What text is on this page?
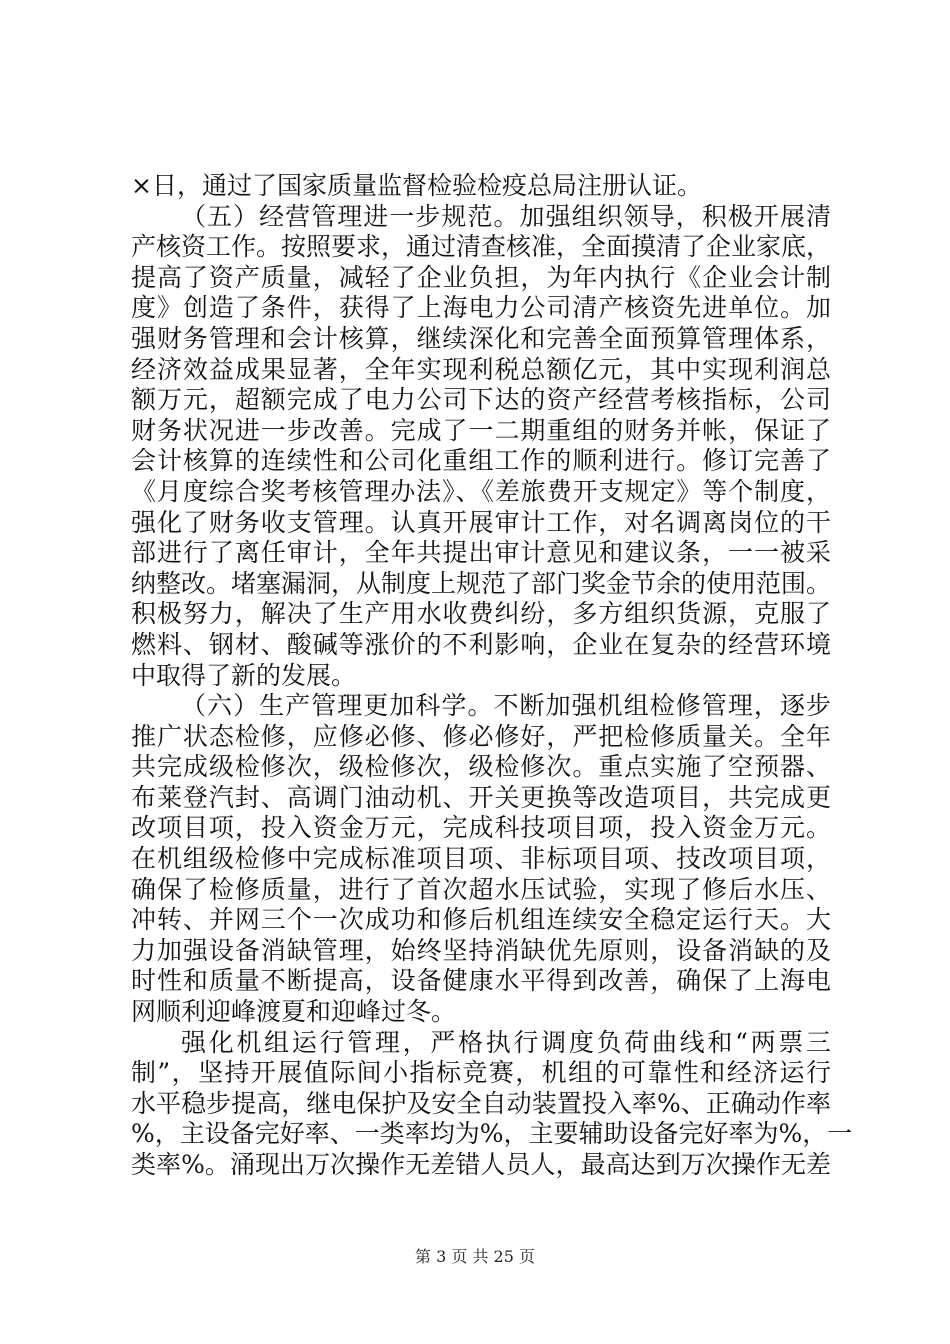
×日，通过了国家质量监督检验检疫总局注册认证。
（五）经营管理进一步规范。加强组织领导，积极开展清
产核资工作。按照要求，通过清查核准，全面摸清了企业家底，
提高了资产质量，减轻了企业负担，为年内执行《企业会计制
度》创造了条件，获得了上海电力公司清产核资先进单位。加
强财务管理和会计核算，继续深化和完善全面预算管理体系，
经济效益成果显著，全年实现利税总额亿元，其中实现利润总
额万元，超额完成了电力公司下达的资产经营考核指标，公司
财务状况进一步改善。完成了一二期重组的财务并帐，保证了
会计核算的连续性和公司化重组工作的顺利进行。修订完善了
《月度综合奖考核管理办法》、《差旅费开支规定》等个制度，
强化了财务收支管理。认真开展审计工作，对名调离岗位的干
部进行了离任审计，全年共提出审计意见和建议条，一一被采
纳整改。堵塞漏洞，从制度上规范了部门奖金节余的使用范围。
积极努力，解决了生产用水收费纠纷，多方组织货源，克服了
燃料、钢材、酸碱等涨价的不利影响，企业在复杂的经营环境
中取得了新的发展。
（六）生产管理更加科学。不断加强机组检修管理，逐步
推广状态检修，应修必修、修必修好，严把检修质量关。全年
共完成级检修次，级检修次，级检修次。重点实施了空预器、
布莱登汽封、高调门油动机、开关更换等改造项目，共完成更
改项目项，投入资金万元，完成科技项目项，投入资金万元。
在机组级检修中完成标准项目项、非标项目项、技改项目项，
确保了检修质量，进行了首次超水压试验，实现了修后水压、
冲转、并网三个一次成功和修后机组连续安全稳定运行天。大
力加强设备消缺管理，始终坚持消缺优先原则，设备消缺的及
时性和质量不断提高，设备健康水平得到改善，确保了上海电
网顺利迎峰渡夏和迎峰过冬。
强化机组运行管理，严格执行调度负荷曲线和“两票三
制”，坚持开展值际间小指标竞赛，机组的可靠性和经济运行
水平稳步提高，继电保护及安全自动装置投入率%、正确动作率
%，主设备完好率、一类率均为%，主要辅助设备完好率为%，一
类率%。涌现出万次操作无差错人员人，最高达到万次操作无差
第 3 页 共 25 页
